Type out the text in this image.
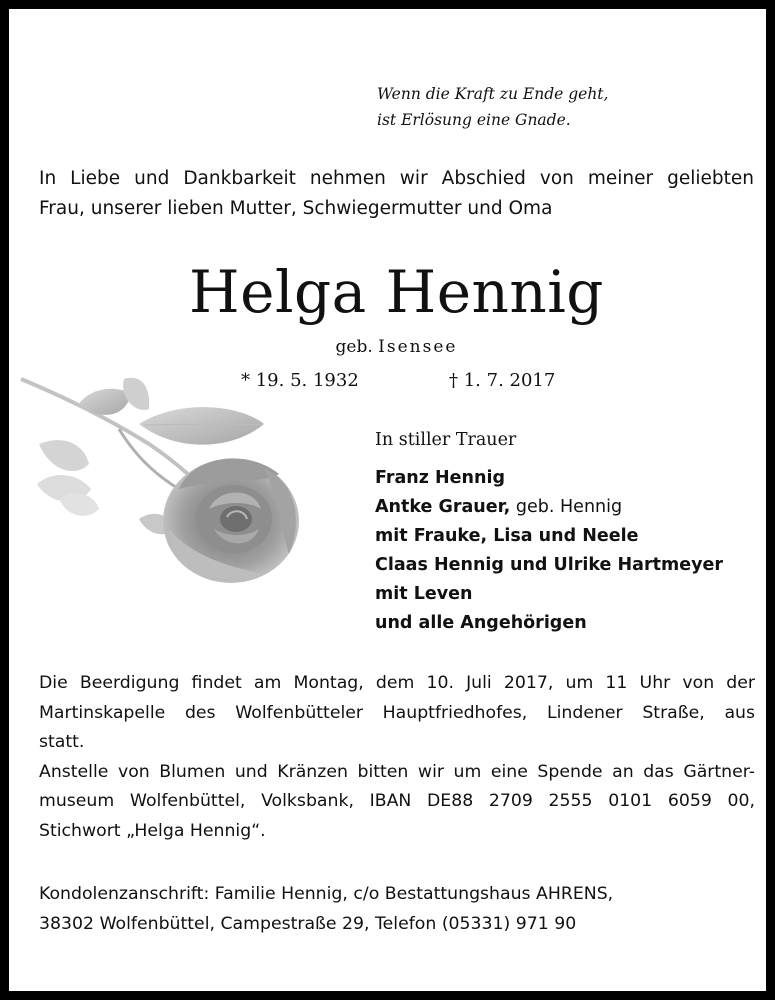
Wenn die Kraft zu Ende geht,
ist Erlösung eine Gnade.
In Liebe und Dankbarkeit nehmen wir Abschied von meiner geliebten
Frau, unserer lieben Mutter, Schwiegermutter und Oma
Helga Hennig
geb. Isensee
* 19. 5. 1932	† 1. 7. 2017
In stiller Trauer
Franz Hennig
Antke Grauer, geb. Hennig
mit Frauke, Lisa und Neele
Claas Hennig und Ulrike Hartmeyer
mit Leven
und alle Angehörigen
Die Beerdigung findet am Montag, dem 10. Juli 2017, um 11 Uhr von der
Martinskapelle des Wolfenbütteler Hauptfriedhofes, Lindener Straße, aus
statt.
Anstelle von Blumen und Kränzen bitten wir um eine Spende an das Gärtner-
museum Wolfenbüttel, Volksbank, IBAN DE88 2709 2555 0101 6059 00,
Stichwort „Helga Hennig“.
Kondolenzanschrift: Familie Hennig, c/o Bestattungshaus AHRENS,
38302 Wolfenbüttel, Campestraße 29, Telefon (05331) 971 90
